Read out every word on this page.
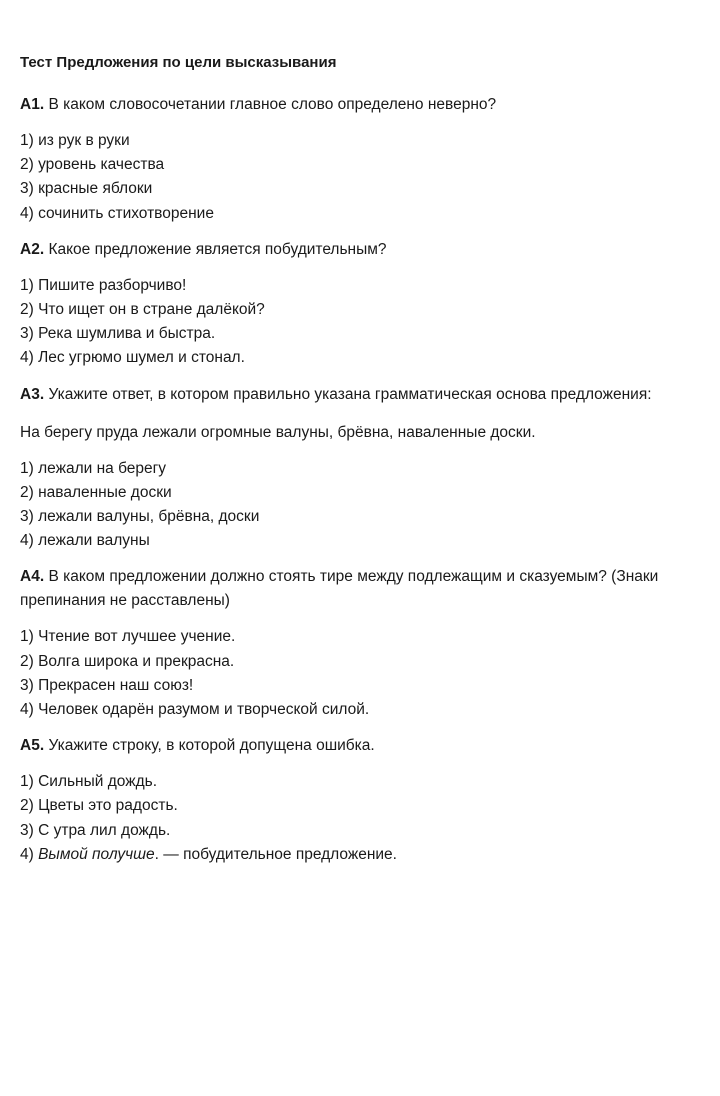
Тест Предложения по цели высказывания

А1. В каком словосочетании главное слово определено неверно?

1) из рук в руки
2) уровень качества
3) красные яблоки
4) сочинить стихотворение

А2. Какое предложение является побудительным?

1) Пишите разборчиво!
2) Что ищет он в стране далёкой?
3) Река шумлива и быстра.
4) Лес угрюмо шумел и стонал.

А3. Укажите ответ, в котором правильно указана грамматическая основа предложения:

На берегу пруда лежали огромные валуны, брёвна, наваленные доски.

1) лежали на берегу
2) наваленные доски
3) лежали валуны, брёвна, доски
4) лежали валуны

А4. В каком предложении должно стоять тире между подлежащим и сказуемым? (Знаки препинания не расставлены)

1) Чтение вот лучшее учение.
2) Волга широка и прекрасна.
3) Прекрасен наш союз!
4) Человек одарён разумом и творческой силой.

А5. Укажите строку, в которой допущена ошибка.

1) Сильный дождь.
2) Цветы это радость.
3) С утра лил дождь.
4) Вымой получше. — побудительное предложение.
